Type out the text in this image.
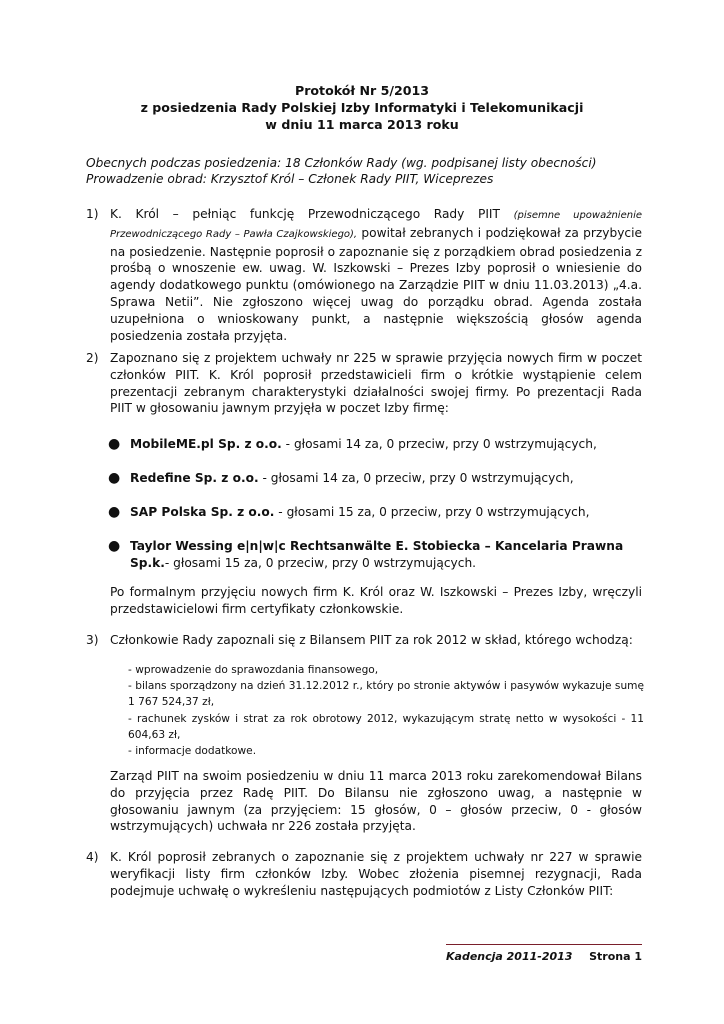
Protokół Nr 5/2013
z posiedzenia Rady Polskiej Izby Informatyki i Telekomunikacji
w dniu 11 marca 2013 roku
Obecnych podczas posiedzenia: 18 Członków Rady (wg. podpisanej listy obecności)
Prowadzenie obrad: Krzysztof Król – Członek Rady PIIT, Wiceprezes
1) K. Król – pełniąc funkcję Przewodniczącego Rady PIIT (pisemne upoważnienie Przewodniczącego Rady – Pawła Czajkowskiego), powitał zebranych i podziękował za przybycie na posiedzenie. Następnie poprosił o zapoznanie się z porządkiem obrad posiedzenia z prośbą o wnoszenie ew. uwag. W. Iszkowski – Prezes Izby poprosił o wniesienie do agendy dodatkowego punktu (omówionego na Zarządzie PIIT w dniu 11.03.2013) „4.a. Sprawa Netii”. Nie zgłoszono więcej uwag do porządku obrad. Agenda została uzupełniona o wnioskowany punkt, a następnie większością głosów agenda posiedzenia została przyjęta.
2) Zapoznano się z projektem uchwały nr 225 w sprawie przyjęcia nowych firm w poczet członków PIIT. K. Król poprosił przedstawicieli firm o krótkie wystąpienie celem prezentacji zebranym charakterystyki działalności swojej firmy. Po prezentacji Rada PIIT w głosowaniu jawnym przyjęła w poczet Izby firmę:
● MobileME.pl Sp. z o.o. - głosami 14 za, 0 przeciw, przy 0 wstrzymujących,
● Redefine Sp. z o.o. - głosami 14 za, 0 przeciw, przy 0 wstrzymujących,
● SAP Polska Sp. z o.o. - głosami 15 za, 0 przeciw, przy 0 wstrzymujących,
● Taylor Wessing e|n|w|c Rechtsanwälte E. Stobiecka – Kancelaria Prawna Sp.k.- głosami 15 za, 0 przeciw, przy 0 wstrzymujących.
Po formalnym przyjęciu nowych firm K. Król oraz W. Iszkowski – Prezes Izby, wręczyli przedstawicielowi firm certyfikaty członkowskie.
3) Członkowie Rady zapoznali się z Bilansem PIIT za rok 2012 w skład, którego wchodzą:
- wprowadzenie do sprawozdania finansowego,
- bilans sporządzony na dzień 31.12.2012 r., który po stronie aktywów i pasywów wykazuje sumę 1 767 524,37 zł,
- rachunek zysków i strat za rok obrotowy 2012, wykazującym stratę netto w wysokości - 11 604,63 zł,
- informacje dodatkowe.
Zarząd PIIT na swoim posiedzeniu w dniu 11 marca 2013 roku zarekomendował Bilans do przyjęcia przez Radę PIIT. Do Bilansu nie zgłoszono uwag, a następnie w głosowaniu jawnym (za przyjęciem: 15 głosów, 0 – głosów przeciw, 0 - głosów wstrzymujących) uchwała nr 226 została przyjęta.
4) K. Król poprosił zebranych o zapoznanie się z projektem uchwały nr 227 w sprawie weryfikacji listy firm członków Izby. Wobec złożenia pisemnej rezygnacji, Rada podejmuje uchwałę o wykreśleniu następujących podmiotów z Listy Członków PIIT:
Kadencja 2011-2013 Strona 1
